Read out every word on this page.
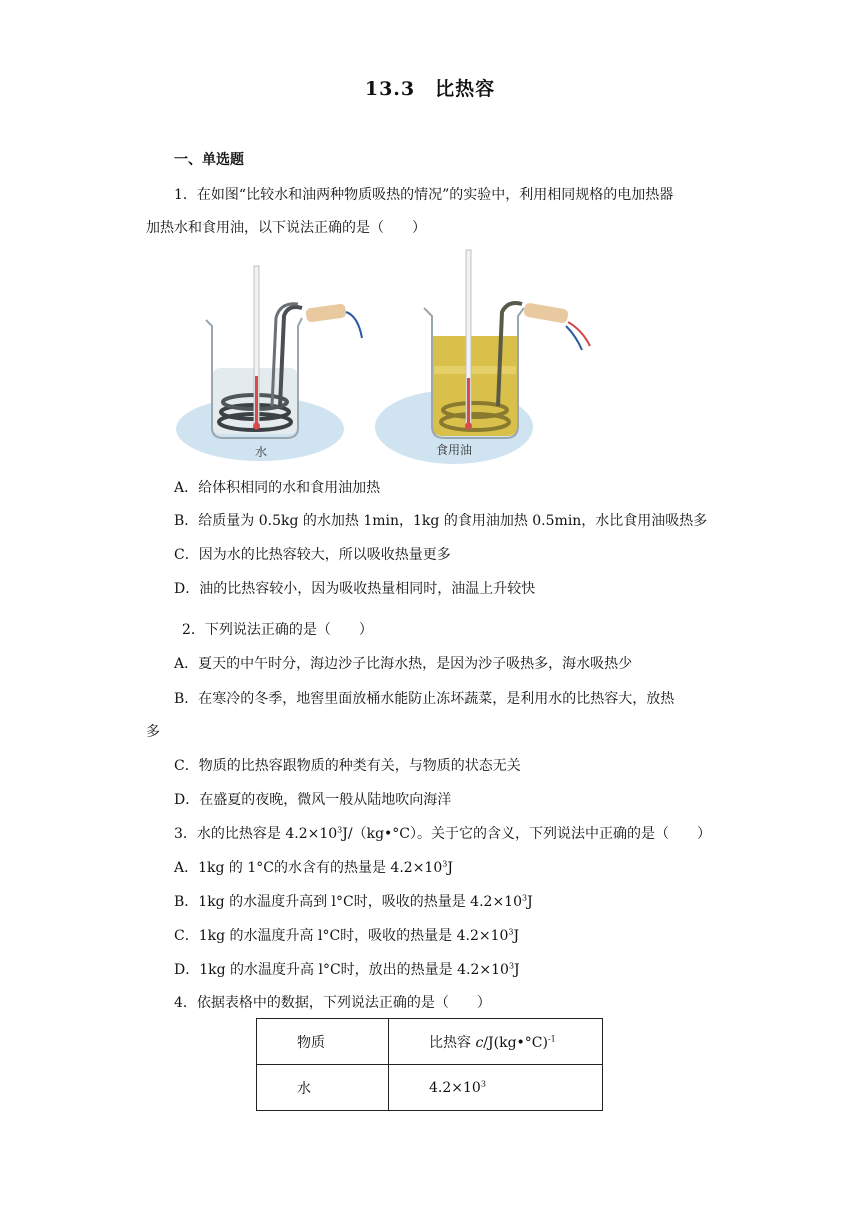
13.3　比热容
一、单选题
1．在如图“比较水和油两种物质吸热的情况”的实验中，利用相同规格的电加热器
加热水和食用油，以下说法正确的是（　　）
水	食用油
A．给体积相同的水和食用油加热
B．给质量为 0.5kg 的水加热 1min，1kg 的食用油加热 0.5min，水比食用油吸热多
C．因为水的比热容较大，所以吸收热量更多
D．油的比热容较小，因为吸收热量相同时，油温上升较快
2．下列说法正确的是（　　）
A．夏天的中午时分，海边沙子比海水热，是因为沙子吸热多，海水吸热少
B．在寒冷的冬季，地窖里面放桶水能防止冻坏蔬菜，是利用水的比热容大，放热
多
C．物质的比热容跟物质的种类有关，与物质的状态无关
D．在盛夏的夜晚，微风一般从陆地吹向海洋
3．水的比热容是 $4.2\times 10^3J/(kg•^\circ C)$。关于它的含义，下列说法中正确的是（　　）
A．1kg 的 1°C的水含有的热量是 $4.2\times 10^3J$
B．1kg 的水温度升高到 l°C时，吸收的热量是 $4.2\times 10^3J$
C．1kg 的水温度升高 l°C时，吸收的热量是 $4.2\times 10^3J$
D．1kg 的水温度升高 l°C时，放出的热量是 $4.2\times 10^3J$
4．依据表格中的数据，下列说法正确的是（　　）
物质	比热容 c/J(kg•°C)$^{-1}$
水	$4.2\times 10^3$
